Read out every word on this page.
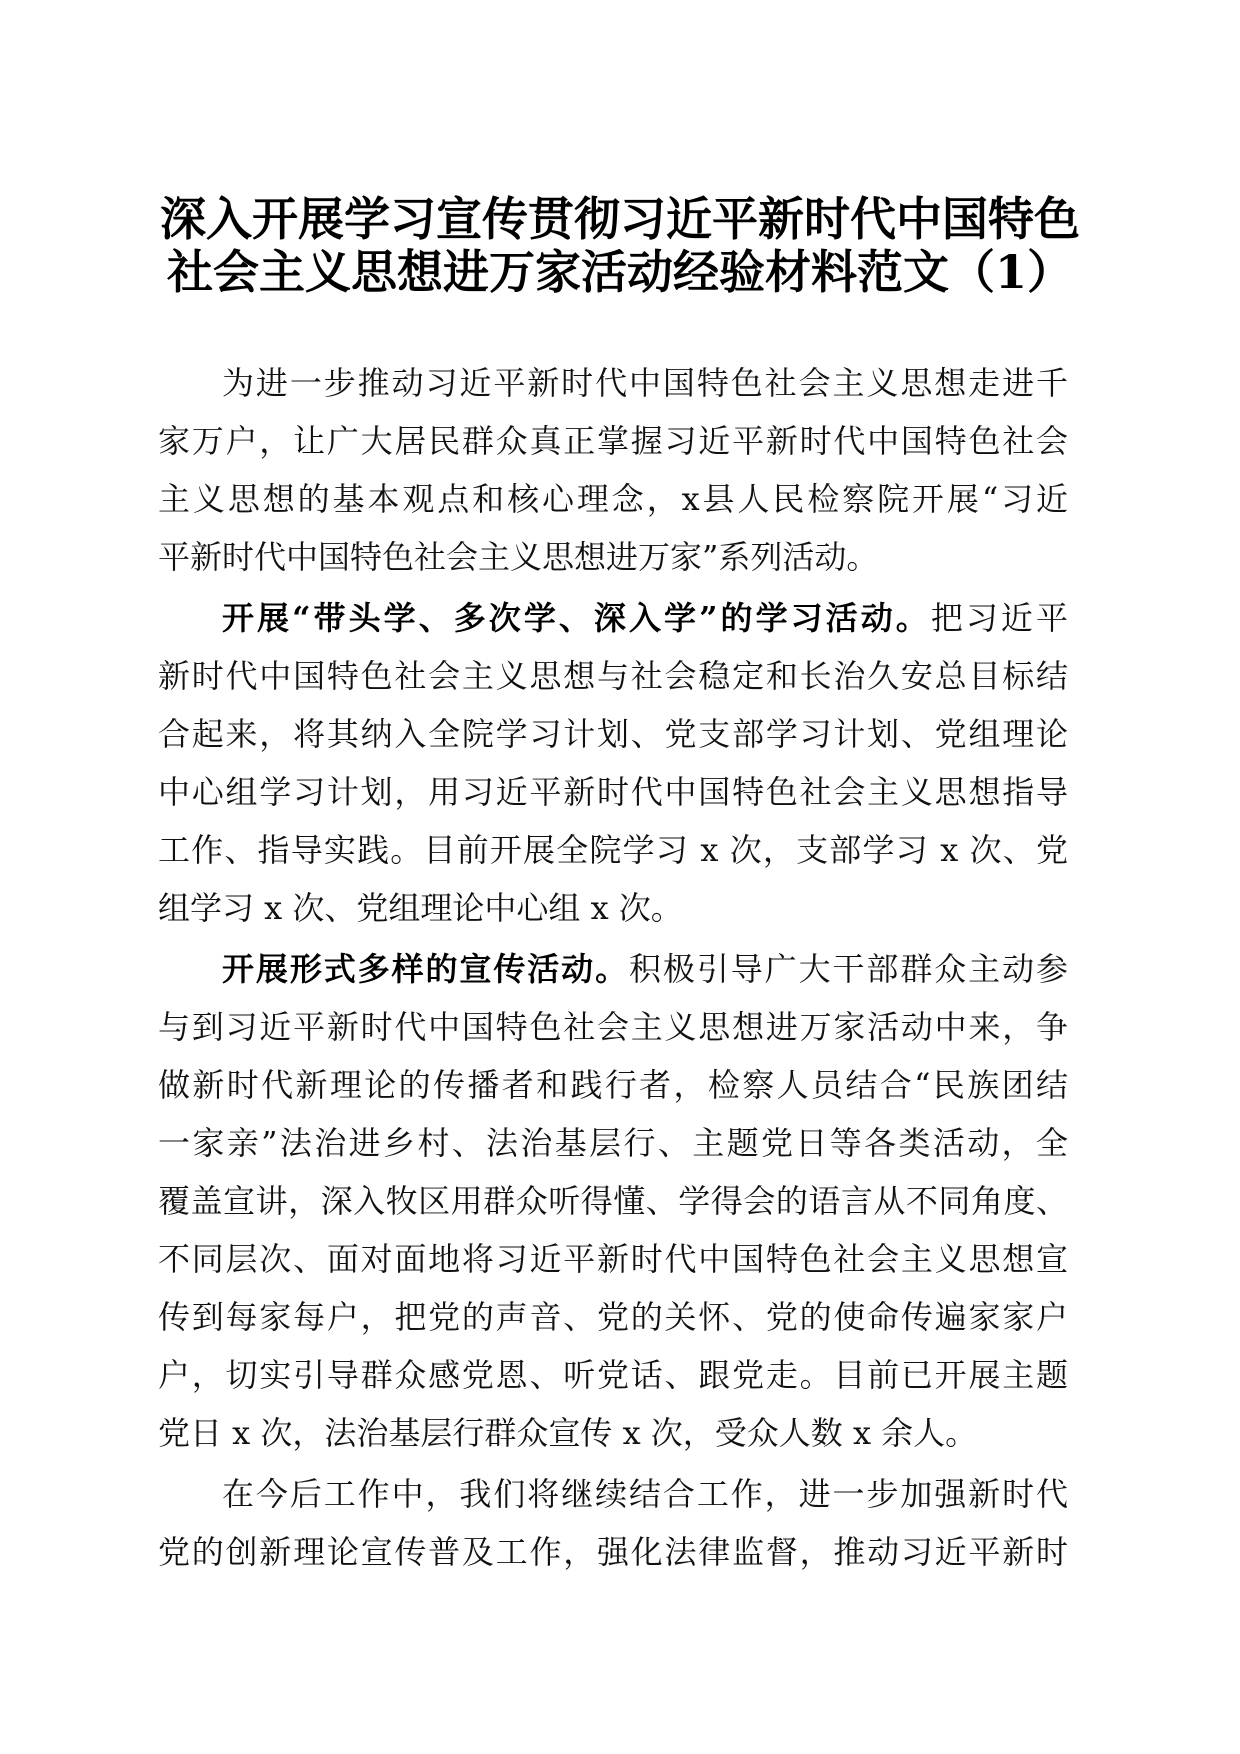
深入开展学习宣传贯彻习近平新时代中国特色
社会主义思想进万家活动经验材料范文（1）
为进一步推动习近平新时代中国特色社会主义思想走进千
家万户，让广大居民群众真正掌握习近平新时代中国特色社会
主义思想的基本观点和核心理念，x县人民检察院开展“习近
平新时代中国特色社会主义思想进万家”系列活动。
开展“带头学、多次学、深入学”的学习活动。把习近平
新时代中国特色社会主义思想与社会稳定和长治久安总目标结
合起来，将其纳入全院学习计划、党支部学习计划、党组理论
中心组学习计划，用习近平新时代中国特色社会主义思想指导
工作、指导实践。目前开展全院学习 x 次，支部学习 x 次、党
组学习 x 次、党组理论中心组 x 次。
开展形式多样的宣传活动。积极引导广大干部群众主动参
与到习近平新时代中国特色社会主义思想进万家活动中来，争
做新时代新理论的传播者和践行者，检察人员结合“民族团结
一家亲”法治进乡村、法治基层行、主题党日等各类活动，全
覆盖宣讲，深入牧区用群众听得懂、学得会的语言从不同角度、
不同层次、面对面地将习近平新时代中国特色社会主义思想宣
传到每家每户，把党的声音、党的关怀、党的使命传遍家家户
户，切实引导群众感党恩、听党话、跟党走。目前已开展主题
党日 x 次，法治基层行群众宣传 x 次，受众人数 x 余人。
在今后工作中，我们将继续结合工作，进一步加强新时代
党的创新理论宣传普及工作，强化法律监督，推动习近平新时
